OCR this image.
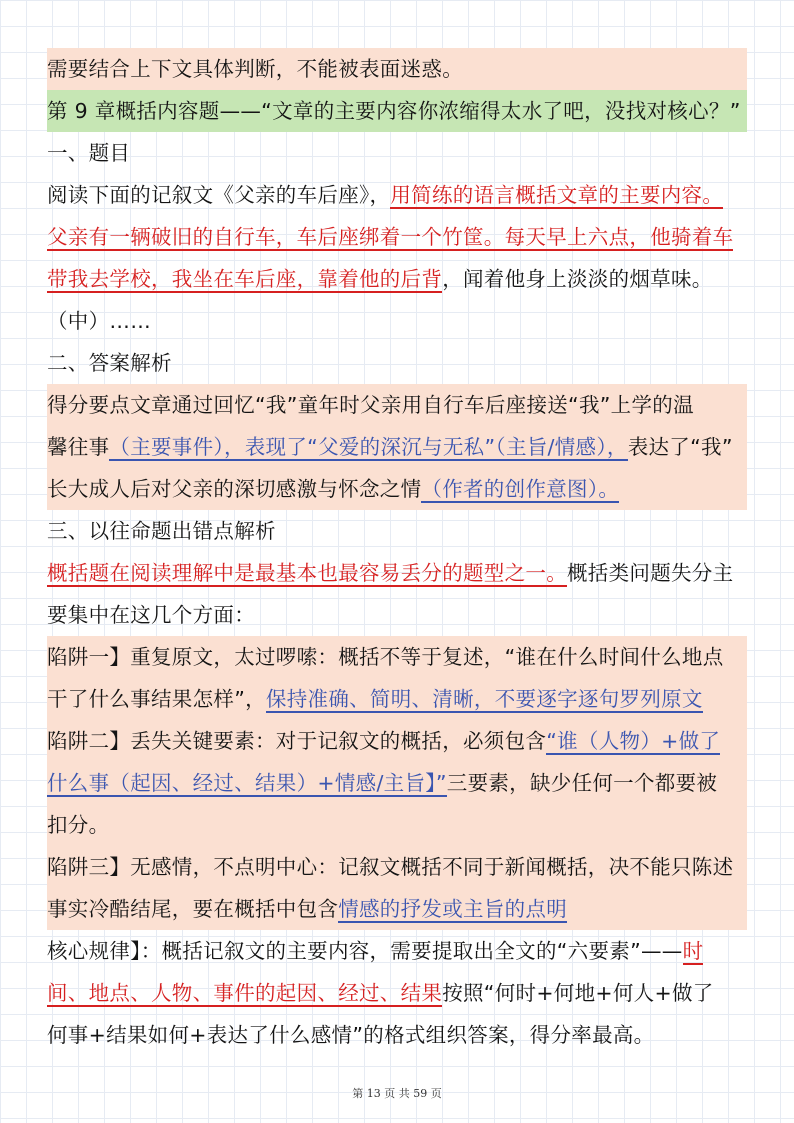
需要结合上下文具体判断，不能被表面迷惑。
第 9 章概括内容题——“文章的主要内容你浓缩得太水了吧，没找对核心？”
一、题目
阅读下面的记叙文《父亲的车后座》，用简练的语言概括文章的主要内容。
父亲有一辆破旧的自行车，车后座绑着一个竹筐。每天早上六点，他骑着车
带我去学校，我坐在车后座，靠着他的后背，闻着他身上淡淡的烟草味。
（中）……
二、答案解析
得分要点文章通过回忆“我”童年时父亲用自行车后座接送“我”上学的温
馨往事（主要事件），表现了“父爱的深沉与无私”（主旨/情感），表达了“我”
长大成人后对父亲的深切感激与怀念之情（作者的创作意图）。
三、以往命题出错点解析
概括题在阅读理解中是最基本也最容易丢分的题型之一。概括类问题失分主
要集中在这几个方面：
陷阱一】重复原文，太过啰嗦：概括不等于复述，“谁在什么时间什么地点
干了什么事结果怎样”，保持准确、简明、清晰，不要逐字逐句罗列原文
陷阱二】丢失关键要素：对于记叙文的概括，必须包含“谁（人物）+做了
什么事（起因、经过、结果）+情感/主旨】”三要素，缺少任何一个都要被
扣分。
陷阱三】无感情，不点明中心：记叙文概括不同于新闻概括，决不能只陈述
事实冷酷结尾，要在概括中包含情感的抒发或主旨的点明
核心规律】：概括记叙文的主要内容，需要提取出全文的“六要素”——时
间、地点、人物、事件的起因、经过、结果按照“何时+何地+何人+做了
何事+结果如何+表达了什么感情”的格式组织答案，得分率最高。
第 13 页 共 59 页
